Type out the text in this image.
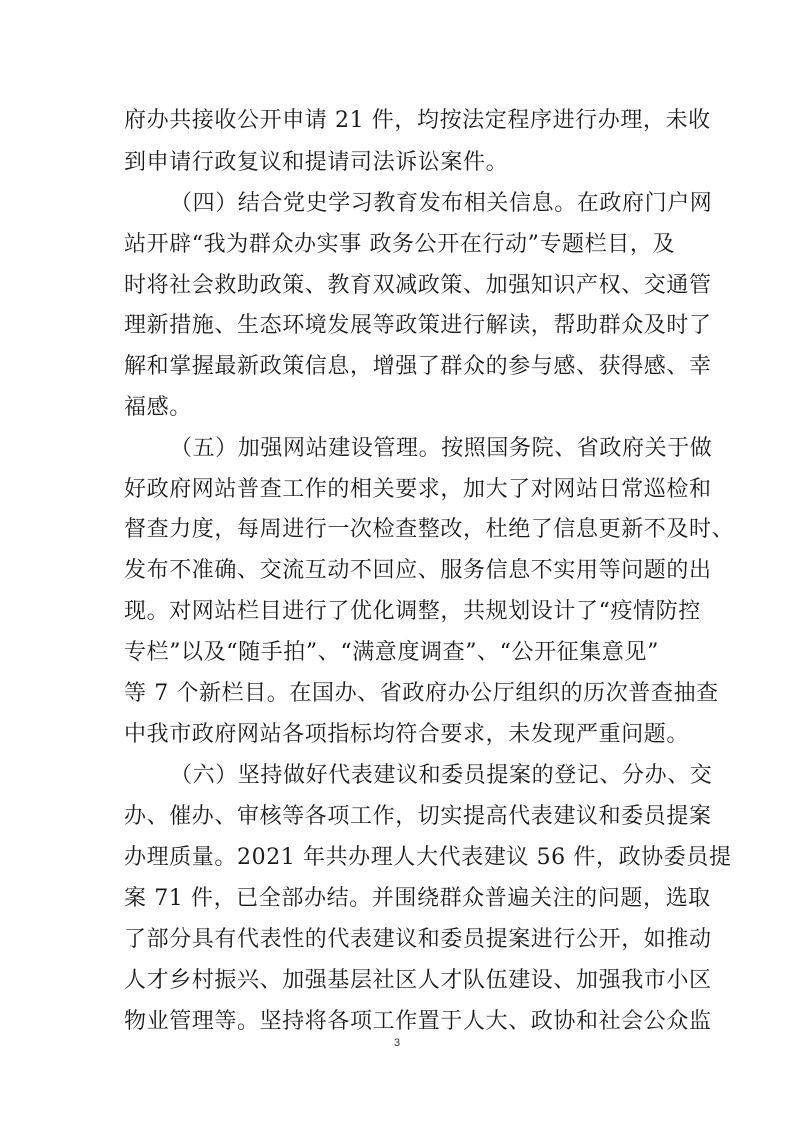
府办共接收公开申请 21 件，均按法定程序进行办理，未收
到申请行政复议和提请司法诉讼案件。
（四）结合党史学习教育发布相关信息。在政府门户网
站开辟“我为群众办实事 政务公开在行动”专题栏目，及
时将社会救助政策、教育双减政策、加强知识产权、交通管
理新措施、生态环境发展等政策进行解读，帮助群众及时了
解和掌握最新政策信息，增强了群众的参与感、获得感、幸
福感。
（五）加强网站建设管理。按照国务院、省政府关于做
好政府网站普查工作的相关要求，加大了对网站日常巡检和
督查力度，每周进行一次检查整改，杜绝了信息更新不及时、
发布不准确、交流互动不回应、服务信息不实用等问题的出
现。对网站栏目进行了优化调整，共规划设计了“疫情防控
专栏”以及“随手拍”、“满意度调查”、“公开征集意见”
等 7 个新栏目。在国办、省政府办公厅组织的历次普查抽查
中我市政府网站各项指标均符合要求，未发现严重问题。
（六）坚持做好代表建议和委员提案的登记、分办、交
办、催办、审核等各项工作，切实提高代表建议和委员提案
办理质量。2021 年共办理人大代表建议 56 件，政协委员提
案 71 件，已全部办结。并围绕群众普遍关注的问题，选取
了部分具有代表性的代表建议和委员提案进行公开，如推动
人才乡村振兴、加强基层社区人才队伍建设、加强我市小区
物业管理等。坚持将各项工作置于人大、政协和社会公众监
3
